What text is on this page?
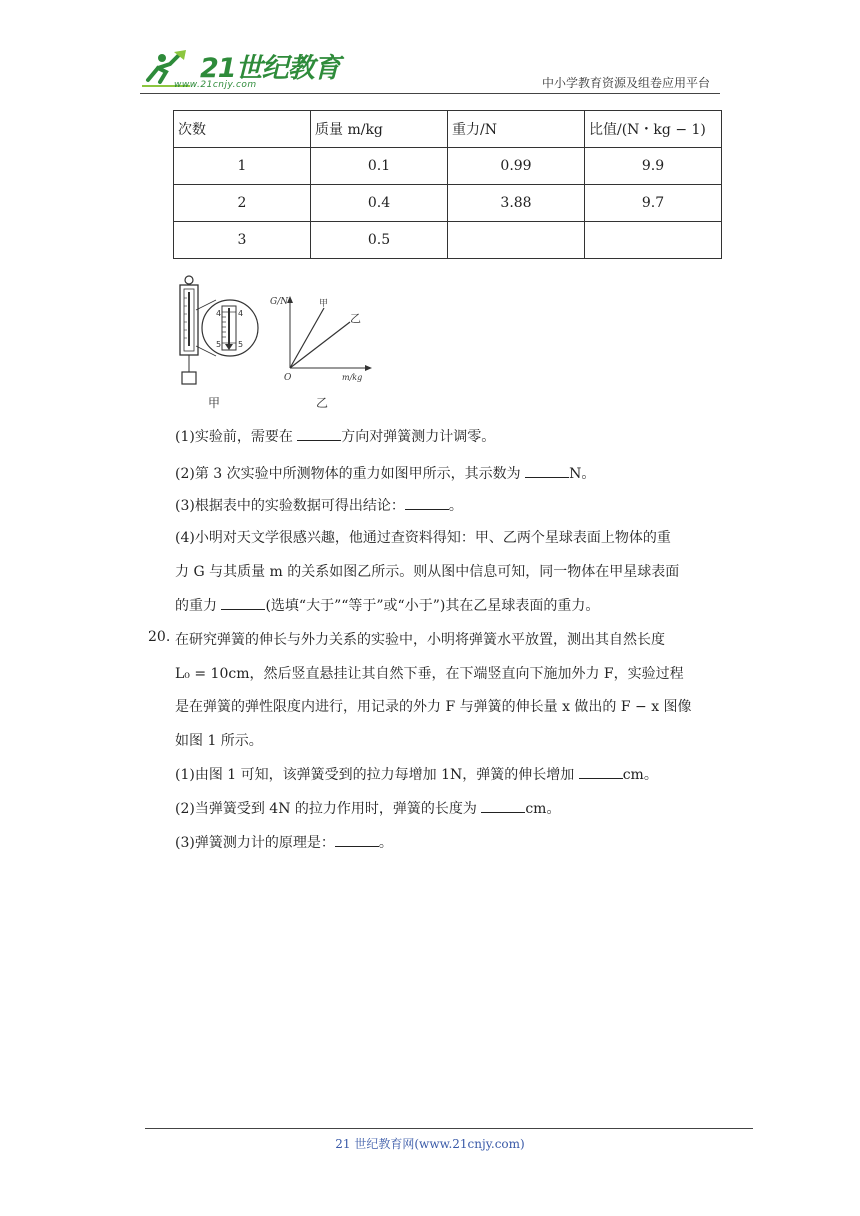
21世纪教育
www.21cnjy.com	中小学教育资源及组卷应用平台
次数	质量 m/kg	重力/N	比值/(N・kg − 1)
1	0.1	0.99	9.9
2	0.4	3.88	9.7
3	0.5		
4
5
4
5
甲
G/N
m/kg
O
甲
乙
乙
(1)实验前，需要在	方向对弹簧测力计调零。
(2)第 3 次实验中所测物体的重力如图甲所示，其示数为	N。
(3)根据表中的实验数据可得出结论：	。
(4)小明对天文学很感兴趣，他通过查资料得知：甲、乙两个星球表面上物体的重
力 G 与其质量 m 的关系如图乙所示。则从图中信息可知，同一物体在甲星球表面
的重力	(选填“大于”“等于”或“小于”)其在乙星球表面的重力。
20. 在研究弹簧的伸长与外力关系的实验中，小明将弹簧水平放置，测出其自然长度
L₀ = 10cm，然后竖直悬挂让其自然下垂，在下端竖直向下施加外力 F，实验过程
是在弹簧的弹性限度内进行，用记录的外力 F 与弹簧的伸长量 x 做出的 F − x 图像
如图 1 所示。
(1)由图 1 可知，该弹簧受到的拉力每增加 1N，弹簧的伸长增加	cm。
(2)当弹簧受到 4N 的拉力作用时，弹簧的长度为	cm。
(3)弹簧测力计的原理是：	。
21 世纪教育网(www.21cnjy.com)
